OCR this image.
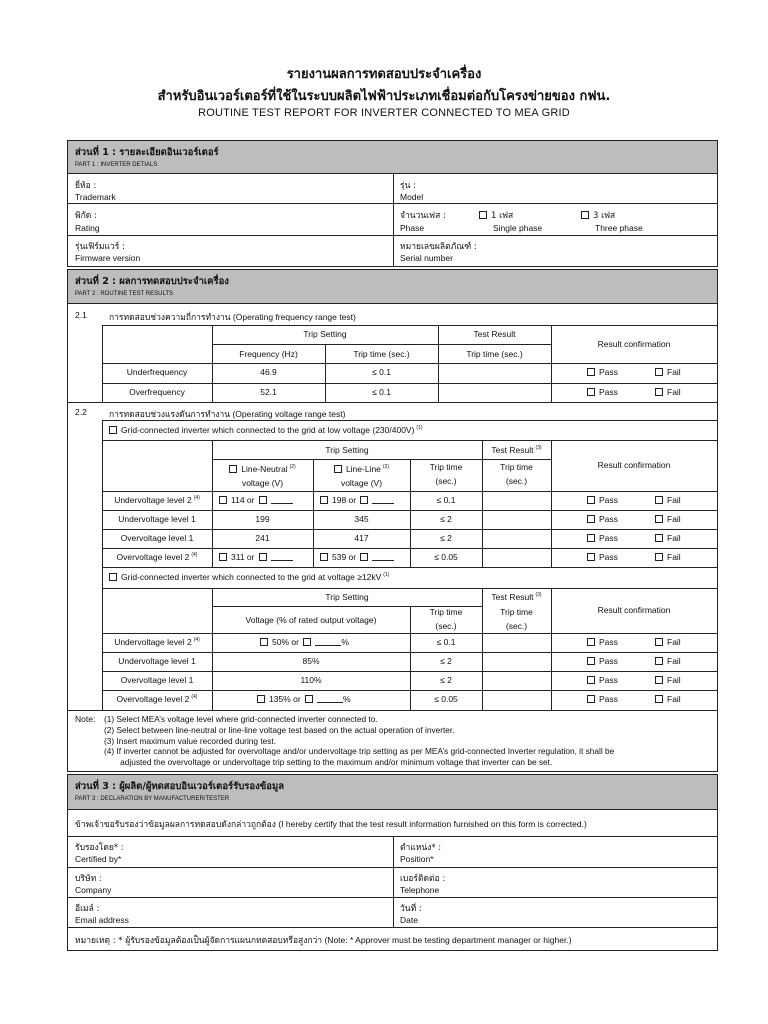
รายงานผลการทดสอบประจำเครื่อง
สำหรับอินเวอร์เตอร์ที่ใช้ในระบบผลิตไฟฟ้าประเภทเชื่อมต่อกับโครงข่ายของ กฟน.
ROUTINE TEST REPORT FOR INVERTER CONNECTED TO MEA GRID
ส่วนที่ 1 : รายละเอียดอินเวอร์เตอร์
PART 1 : INVERTER DETIALS
ยี่ห้อ :
Trademark
รุ่น :
Model
พิกัด :
Rating
จำนวนเฟส :
Phase
1 เฟส
Single phase
3 เฟส
Three phase
รุ่นเฟิร์มแวร์ :
Firmware version
หมายเลขผลิตภัณฑ์ :
Serial number
ส่วนที่ 2 : ผลการทดสอบประจำเครื่อง
PART 2 : ROUTINE TEST RESULTS
2.1	การทดสอบช่วงความถี่การทำงาน (Operating frequency range test)
Trip Setting	Test Result
Result confirmation
Frequency (Hz)	Trip time (sec.)	Trip time (sec.)
Underfrequency	46.9	≤ 0.1	Pass	Fail
Overfrequency	52.1	≤ 0.1	Pass	Fail
2.2	การทดสอบช่วงแรงดันการทำงาน (Operating voltage range test)
Grid-connected inverter which connected to the grid at low voltage (230/400V) $^{(1)}$
Trip Setting	Test Result $^{(3)}$
Result confirmation
Line-Neutral $^{(2)}$
voltage (V)
Line-Line $^{(2)}$
voltage (V)
Trip time
(sec.)
Trip time
(sec.)
Undervoltage level 2 $^{(4)}$	114 or	198 or	≤ 0.1	Pass	Fail
Undervoltage level 1	199	345	≤ 2	Pass	Fail
Overvoltage level 1	241	417	≤ 2	Pass	Fail
Overvoltage level 2 $^{(4)}$	311 or	539 or	≤ 0.05	Pass	Fail
Grid-connected inverter which connected to the grid at voltage ≥12kV $^{(1)}$
Trip Setting	Test Result $^{(3)}$
Result confirmation
Voltage (% of rated output voltage)
Trip time
(sec.)
Trip time
(sec.)
Undervoltage level 2 $^{(4)}$	50% or	%	≤ 0.1	Pass	Fail
Undervoltage level 1	85%	≤ 2	Pass	Fail
Overvoltage level 1	110%	≤ 2	Pass	Fail
Overvoltage level 2 $^{(4)}$	135% or	%	≤ 0.05	Pass	Fail
Note: (1) Select MEA’s voltage level where grid-connected inverter connected to.
(2) Select between line-neutral or line-line voltage test based on the actual operation of inverter.
(3) Insert maximum value recorded during test.
(4) If inverter cannot be adjusted for overvoltage and/or undervoltage trip setting as per MEA’s grid-connected Inverter regulation, it shall be
adjusted the overvoltage or undervoltage trip setting to the maximum and/or minimum voltage that inverter can be set.
ส่วนที่ 3 : ผู้ผลิต/ผู้ทดสอบอินเวอร์เตอร์รับรองข้อมูล
PART 3 : DECLARATION BY MANUFACTURER/TESTER
ข้าพเจ้าขอรับรองว่าข้อมูลผลการทดสอบดังกล่าวถูกต้อง (I hereby certify that the test result information furnished on this form is corrected.)
รับรองโดย* :
Certified by*
ตำแหน่ง* :
Position*
บริษัท :
Company
เบอร์ติดต่อ :
Telephone
อีเมล์ :
Email address
วันที่ :
Date
หมายเหตุ : * ผู้รับรองข้อมูลต้องเป็นผู้จัดการแผนกทดสอบหรือสูงกว่า (Note: * Approver must be testing department manager or higher.)
